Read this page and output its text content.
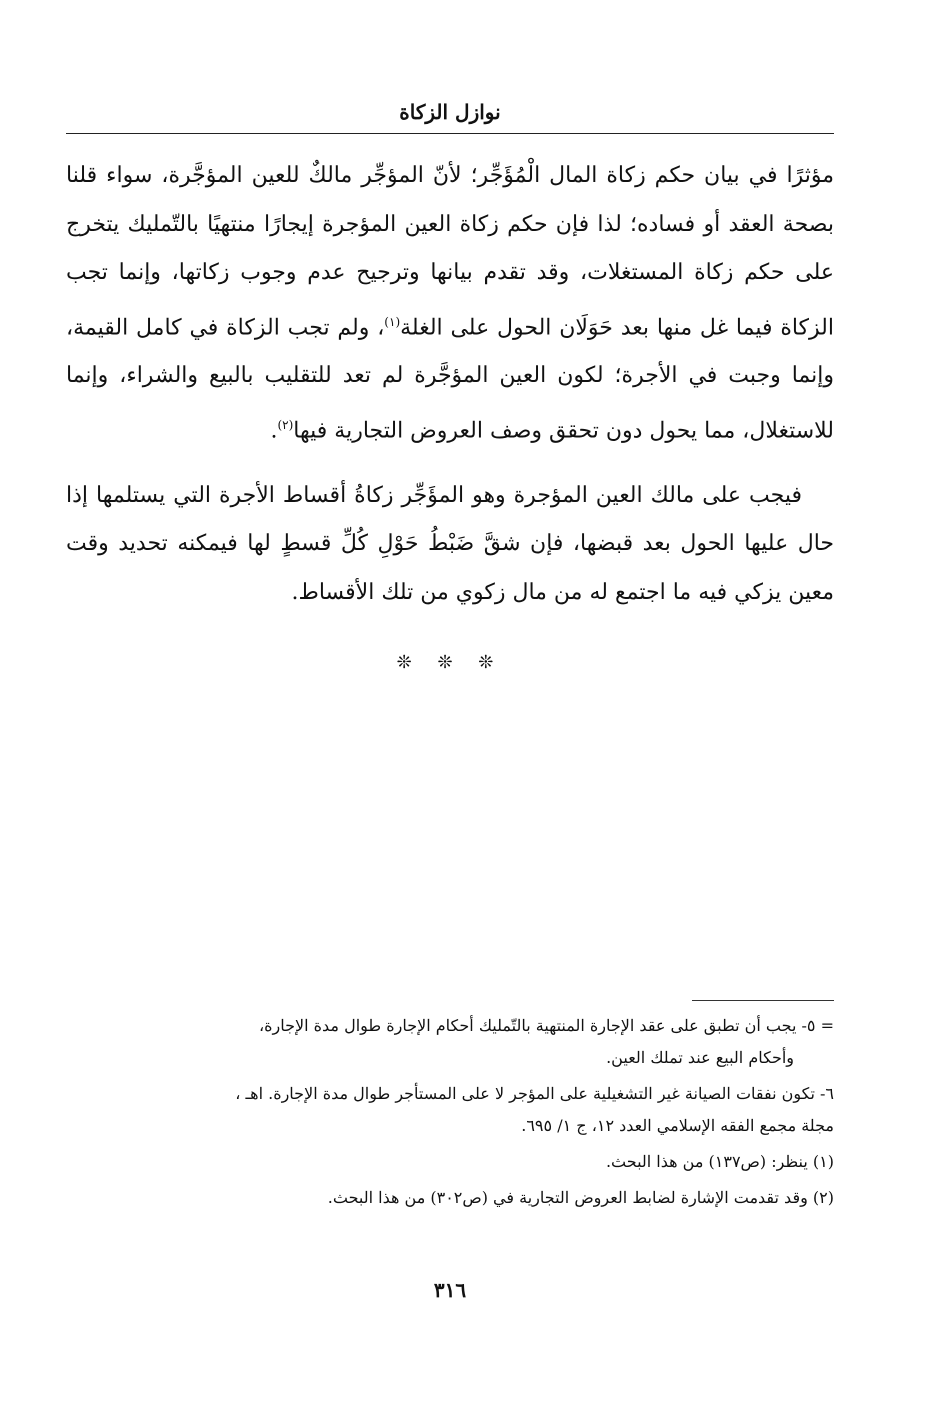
نوازل الزكاة

مؤثرًا في بيان حكم زكاة المال الْمُؤَجِّر؛ لأنّ المؤجِّر مالكٌ للعين المؤجَّرة، سواء قلنا بصحة العقد أو فساده؛ لذا فإن حكم زكاة العين المؤجرة إيجارًا منتهيًا بالتّمليك يتخرج على حكم زكاة المستغلات، وقد تقدم بيانها وترجيح عدم وجوب زكاتها، وإنما تجب الزكاة فيما غل منها بعد حَوَلَان الحول على الغلة$^{(١)}$، ولم تجب الزكاة في كامل القيمة، وإنما وجبت في الأجرة؛ لكون العين المؤجَّرة لم تعد للتقليب بالبيع والشراء، وإنما للاستغلال، مما يحول دون تحقق وصف العروض التجارية فيها$^{(٢)}$.

فيجب على مالك العين المؤجرة وهو المؤَجِّر زكاةُ أقساط الأجرة التي يستلمها إذا حال عليها الحول بعد قبضها، فإن شقَّ ضَبْطُ حَوْلِ كُلِّ قسطٍ لها فيمكنه تحديد وقت معين يزكي فيه ما اجتمع له من مال زكوي من تلك الأقساط.

❊ ❊ ❊

= ٥- يجب أن تطبق على عقد الإجارة المنتهية بالتّمليك أحكام الإجارة طوال مدة الإجارة،
وأحكام البيع عند تملك العين.

٦- تكون نفقات الصيانة غير التشغيلية على المؤجر لا على المستأجر طوال مدة الإجارة. اهـ ،
مجلة مجمع الفقه الإسلامي العدد ١٢، ج ١/ ٦٩٥.

(١) ينظر: (ص١٣٧) من هذا البحث.

(٢) وقد تقدمت الإشارة لضابط العروض التجارية في (ص٣٠٢) من هذا البحث.

٣١٦
